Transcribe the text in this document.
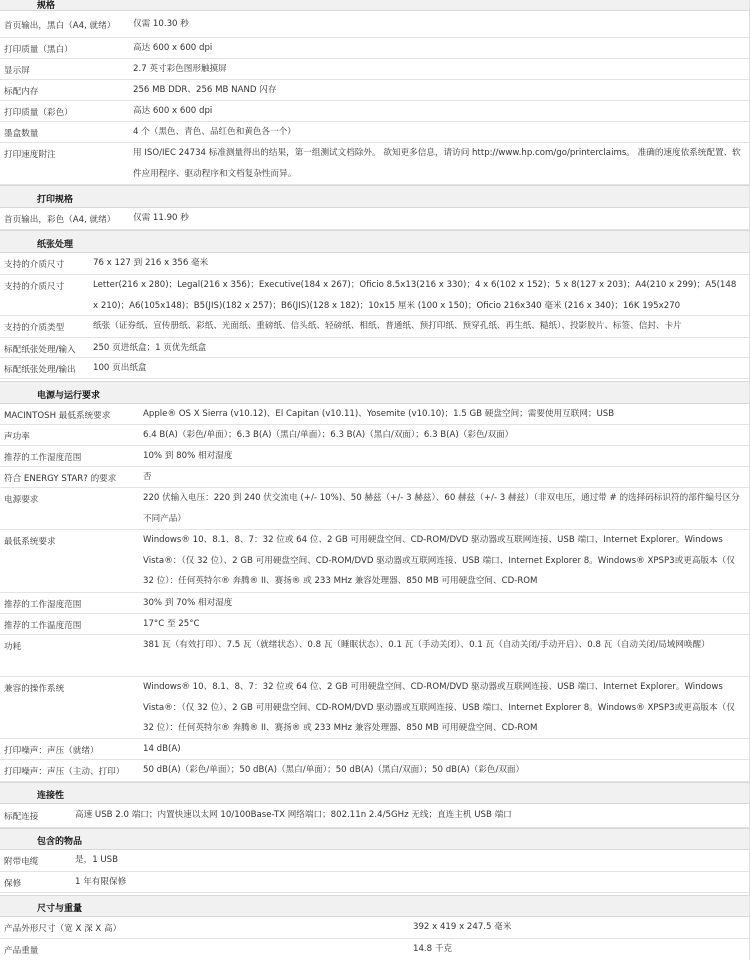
规格
首页输出，黑白（A4, 就绪） 仅需 10.30 秒
打印质量（黑白）	高达 600 x 600 dpi
显示屏	2.7 英寸彩色图形触摸屏
标配内存	256 MB DDR、256 MB NAND 闪存
打印质量（彩色）	高达 600 x 600 dpi
墨盒数量	4 个（黑色、青色、品红色和黄色各一个）
打印速度附注	用 ISO/IEC 24734 标准测量得出的结果，第一组测试文档除外。 欲知更多信息，请访问 http://www.hp.com/go/printerclaims。 准确的速度依系统配置、软件应用程序、驱动程序和文档复杂性而异。
打印规格
首页输出，彩色（A4, 就绪） 仅需 11.90 秒
纸张处理
支持的介质尺寸	76 x 127 到 216 x 356 毫米
支持的介质尺寸	Letter(216 x 280)；Legal(216 x 356)；Executive(184 x 267)；Oficio 8.5x13(216 x 330)；4 x 6(102 x 152)；5 x 8(127 x 203)；A4(210 x 299)；A5(148 x 210)；A6(105x148)；B5(JIS)(182 x 257)；B6(JIS)(128 x 182)；10x15 厘米 (100 x 150)；Oficio 216x340 毫米 (216 x 340)；16K 195x270
支持的介质类型	纸张（证券纸、宣传册纸、彩纸、光面纸、重磅纸、信头纸、轻磅纸、相纸、普通纸、预打印纸、预穿孔纸、再生纸、糙纸）、投影胶片、标签、信封、卡片
标配纸张处理/输入 250 页进纸盒；1 页优先纸盒
标配纸张处理/输出 100 页出纸盒
电源与运行要求
MACINTOSH 最低系统要求	Apple® OS X Sierra (v10.12)、El Capitan (v10.11)、Yosemite (v10.10)；1.5 GB 硬盘空间；需要使用互联网；USB
声功率	6.4 B(A)（彩色/单面）；6.3 B(A)（黑白/单面）；6.3 B(A)（黑白/双面）；6.3 B(A)（彩色/双面）
推荐的工作湿度范围	10% 到 80% 相对湿度
符合 ENERGY STAR? 的要求	否
电源要求	220 伏输入电压：220 到 240 伏交流电 (+/- 10%)、50 赫兹（+/- 3 赫兹）、60 赫兹（+/- 3 赫兹）（非双电压，通过带 # 的选择码标识符的部件编号区分不同产品）
最低系统要求	Windows® 10、8.1、8、7：32 位或 64 位、2 GB 可用硬盘空间、CD-ROM/DVD 驱动器或互联网连接、USB 端口、Internet Explorer。Windows Vista®：（仅 32 位）、2 GB 可用硬盘空间、CD-ROM/DVD 驱动器或互联网连接、USB 端口、Internet Explorer 8。Windows® XPSP3或更高版本（仅 32 位）：任何英特尔® 奔腾® II、赛扬® 或 233 MHz 兼容处理器、850 MB 可用硬盘空间、CD-ROM
推荐的工作湿度范围	30% 到 70% 相对湿度
推荐的工作温度范围	17°C 至 25°C
功耗	381 瓦（有效打印）、7.5 瓦（就绪状态）、0.8 瓦（睡眠状态）、0.1 瓦（手动关闭）、0.1 瓦（自动关闭/手动开启）、0.8 瓦（自动关闭/局域网唤醒）
兼容的操作系统	Windows® 10、8.1、8、7：32 位或 64 位、2 GB 可用硬盘空间、CD-ROM/DVD 驱动器或互联网连接、USB 端口、Internet Explorer。Windows Vista®：（仅 32 位）、2 GB 可用硬盘空间、CD-ROM/DVD 驱动器或互联网连接、USB 端口、Internet Explorer 8。Windows® XPSP3或更高版本（仅 32 位）：任何英特尔® 奔腾® II、赛扬® 或 233 MHz 兼容处理器、850 MB 可用硬盘空间、CD-ROM
打印噪声：声压（就绪）	14 dB(A)
打印噪声：声压（主动、打印） 50 dB(A)（彩色/单面）；50 dB(A)（黑白/单面）；50 dB(A)（黑白/双面）；50 dB(A)（彩色/双面）
连接性
标配连接	高速 USB 2.0 端口；内置快速以太网 10/100Base-TX 网络端口；802.11n 2.4/5GHz 无线；直连主机 USB 端口
包含的物品
附带电缆	是，1 USB
保修	1 年有限保修
尺寸与重量
产品外形尺寸（宽 X 深 X 高）	392 x 419 x 247.5 毫米
产品重量	14.8 千克
